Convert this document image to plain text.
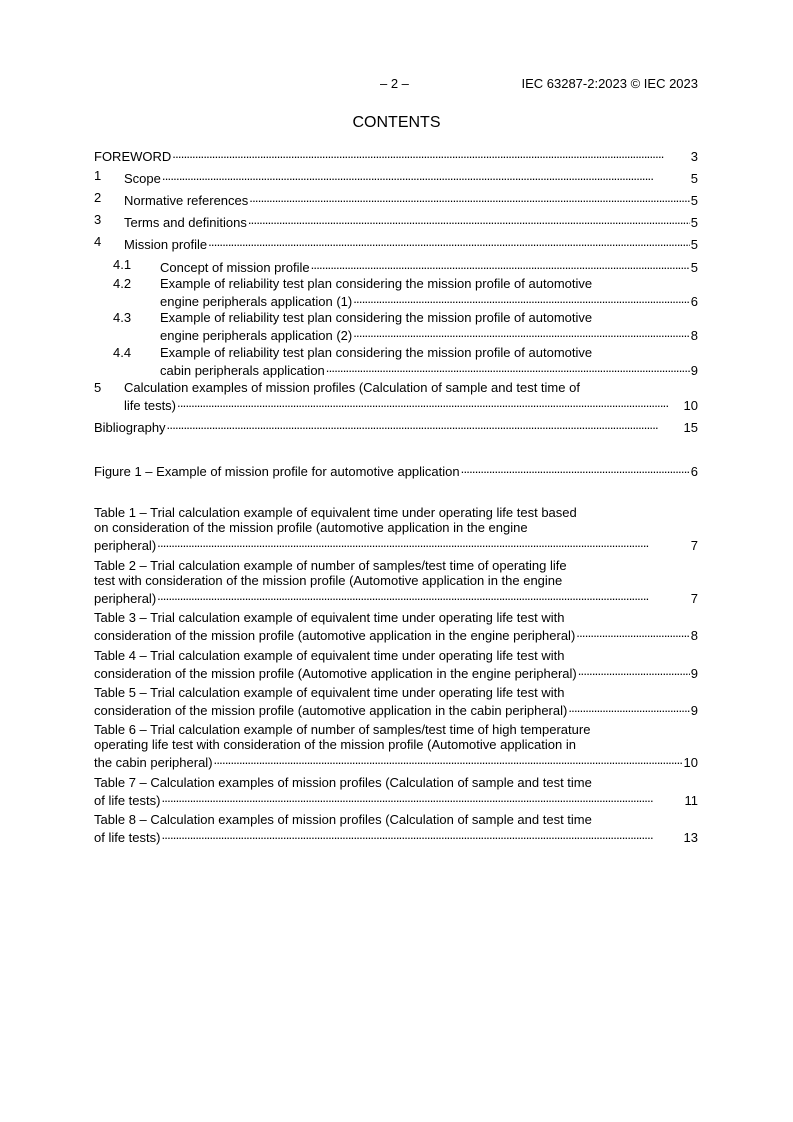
– 2 –	IEC 63287-2:2023 © IEC 2023
CONTENTS
FOREWORD . . .	3
1 Scope . . .	5
2 Normative references . . .	5
3 Terms and definitions . . .	5
4 Mission profile . . .	5
4.1 Concept of mission profile . . .	5
4.2 Example of reliability test plan considering the mission profile of automotive
engine peripherals application (1) . . .	6
4.3 Example of reliability test plan considering the mission profile of automotive
engine peripherals application (2) . . .	8
4.4 Example of reliability test plan considering the mission profile of automotive
cabin peripherals application . . .	9
5 Calculation examples of mission profiles (Calculation of sample and test time of
life tests) . . .	10
Bibliography . . .	15
Figure 1 – Example of mission profile for automotive application . . .	6
Table 1 – Trial calculation example of equivalent time under operating life test based
on consideration of the mission profile (automotive application in the engine
peripheral) . . .	7
Table 2 – Trial calculation example of number of samples/test time of operating life
test with consideration of the mission profile (Automotive application in the engine
peripheral) . . .	7
Table 3 – Trial calculation example of equivalent time under operating life test with
consideration of the mission profile (automotive application in the engine peripheral) . . .	8
Table 4 – Trial calculation example of equivalent time under operating life test with
consideration of the mission profile (Automotive application in the engine peripheral) . . .	9
Table 5 – Trial calculation example of equivalent time under operating life test with
consideration of the mission profile (automotive application in the cabin peripheral) . . .	9
Table 6 – Trial calculation example of number of samples/test time of high temperature
operating life test with consideration of the mission profile (Automotive application in
the cabin peripheral) . . .	10
Table 7 – Calculation examples of mission profiles (Calculation of sample and test time
of life tests) . . .	11
Table 8 – Calculation examples of mission profiles (Calculation of sample and test time
of life tests) . . .	13
